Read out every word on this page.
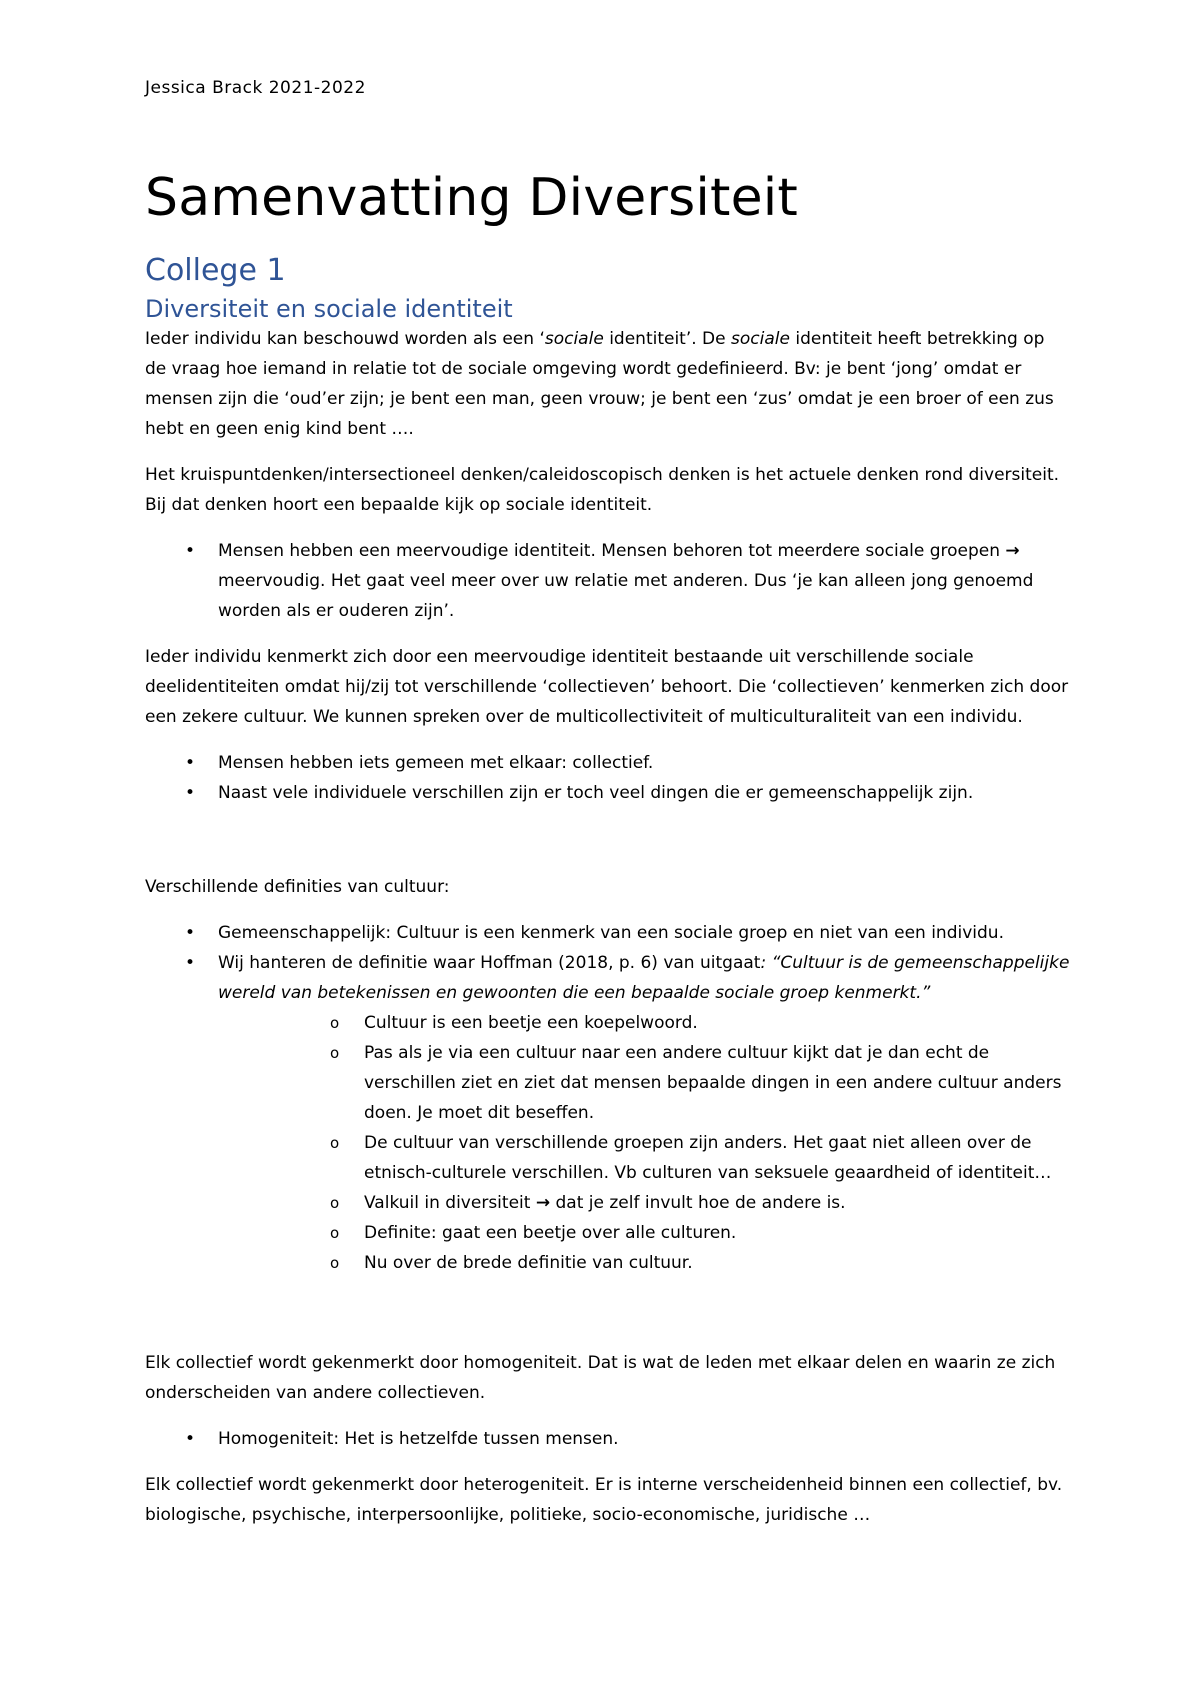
Jessica Brack 2021-2022

Samenvatting Diversiteit
College 1
Diversiteit en sociale identiteit

Ieder individu kan beschouwd worden als een ‘sociale identiteit’. De sociale identiteit heeft betrekking op de vraag hoe iemand in relatie tot de sociale omgeving wordt gedefinieerd. Bv: je bent ‘jong’ omdat er mensen zijn die ‘oud’er zijn; je bent een man, geen vrouw; je bent een ‘zus’ omdat je een broer of een zus hebt en geen enig kind bent ….

Het kruispuntdenken/intersectioneel denken/caleidoscopisch denken is het actuele denken rond diversiteit. Bij dat denken hoort een bepaalde kijk op sociale identiteit.

• Mensen hebben een meervoudige identiteit. Mensen behoren tot meerdere sociale groepen → meervoudig. Het gaat veel meer over uw relatie met anderen. Dus ‘je kan alleen jong genoemd worden als er ouderen zijn’.

Ieder individu kenmerkt zich door een meervoudige identiteit bestaande uit verschillende sociale deelidentiteiten omdat hij/zij tot verschillende ‘collectieven’ behoort. Die ‘collectieven’ kenmerken zich door een zekere cultuur. We kunnen spreken over de multicollectiviteit of multiculturaliteit van een individu.

• Mensen hebben iets gemeen met elkaar: collectief.
• Naast vele individuele verschillen zijn er toch veel dingen die er gemeenschappelijk zijn.

Verschillende definities van cultuur:

• Gemeenschappelijk: Cultuur is een kenmerk van een sociale groep en niet van een individu.
• Wij hanteren de definitie waar Hoffman (2018, p. 6) van uitgaat: “Cultuur is de gemeenschappelijke wereld van betekenissen en gewoonten die een bepaalde sociale groep kenmerkt.”
o Cultuur is een beetje een koepelwoord.
o Pas als je via een cultuur naar een andere cultuur kijkt dat je dan echt de verschillen ziet en ziet dat mensen bepaalde dingen in een andere cultuur anders doen. Je moet dit beseffen.
o De cultuur van verschillende groepen zijn anders. Het gaat niet alleen over de etnisch-culturele verschillen. Vb culturen van seksuele geaardheid of identiteit…
o Valkuil in diversiteit → dat je zelf invult hoe de andere is.
o Definite: gaat een beetje over alle culturen.
o Nu over de brede definitie van cultuur.

Elk collectief wordt gekenmerkt door homogeniteit. Dat is wat de leden met elkaar delen en waarin ze zich onderscheiden van andere collectieven.

• Homogeniteit: Het is hetzelfde tussen mensen.

Elk collectief wordt gekenmerkt door heterogeniteit. Er is interne verscheidenheid binnen een collectief, bv. biologische, psychische, interpersoonlijke, politieke, socio-economische, juridische …
